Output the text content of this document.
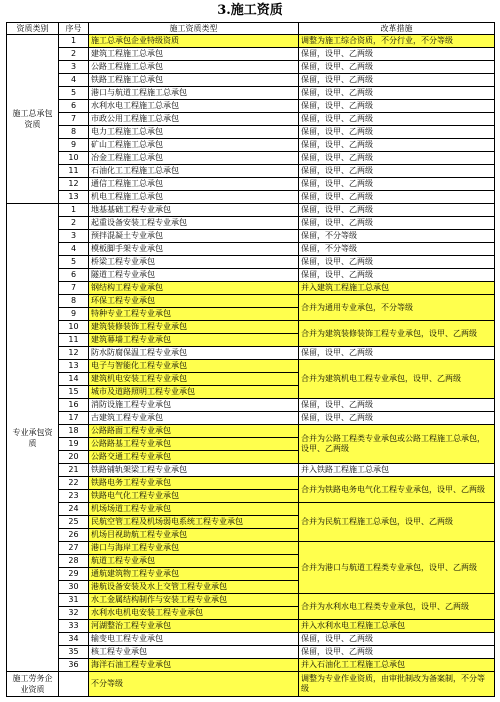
3.施工资质
资质类别	序号	施工资质类型	改革措施
施工总承包资质	1	施工总承包企业特级资质	调整为施工综合资质，不分行业，不分等级
	2	建筑工程施工总承包	保留，设甲、乙两级
	3	公路工程施工总承包	保留，设甲、乙两级
	4	铁路工程施工总承包	保留，设甲、乙两级
	5	港口与航道工程施工总承包	保留，设甲、乙两级
	6	水利水电工程施工总承包	保留，设甲、乙两级
	7	市政公用工程施工总承包	保留，设甲、乙两级
	8	电力工程施工总承包	保留，设甲、乙两级
	9	矿山工程施工总承包	保留，设甲、乙两级
	10	冶金工程施工总承包	保留，设甲、乙两级
	11	石油化工工程施工总承包	保留，设甲、乙两级
	12	通信工程施工总承包	保留，设甲、乙两级
	13	机电工程施工总承包	保留，设甲、乙两级
专业承包资质	1	地基基础工程专业承包	保留，设甲、乙两级
	2	起重设备安装工程专业承包	保留，设甲、乙两级
	3	预拌混凝土专业承包	保留，不分等级
	4	模板脚手架专业承包	保留，不分等级
	5	桥梁工程专业承包	保留，设甲、乙两级
	6	隧道工程专业承包	保留，设甲、乙两级
	7	钢结构工程专业承包	并入建筑工程施工总承包
	8	环保工程专业承包	合并为通用专业承包，不分等级
	9	特种专业工程专业承包	
	10	建筑装修装饰工程专业承包	合并为建筑装修装饰工程专业承包，设甲、乙两级
	11	建筑幕墙工程专业承包	
	12	防水防腐保温工程专业承包	保留，设甲、乙两级
	13	电子与智能化工程专业承包	合并为建筑机电工程专业承包，设甲、乙两级
	14	建筑机电安装工程专业承包	
	15	城市及道路照明工程专业承包	
	16	消防设施工程专业承包	保留，设甲、乙两级
	17	古建筑工程专业承包	保留，设甲、乙两级
	18	公路路面工程专业承包	合并为公路工程类专业承包或公路工程施工总承包，设甲、乙两级
	19	公路路基工程专业承包	
	20	公路交通工程专业承包	
	21	铁路铺轨架梁工程专业承包	并入铁路工程施工总承包
	22	铁路电务工程专业承包	合并为铁路电务电气化工程专业承包，设甲、乙两级
	23	铁路电气化工程专业承包	
	24	机场场道工程专业承包	合并为民航工程施工总承包，设甲、乙两级
	25	民航空管工程及机场弱电系统工程专业承包	
	26	机场目视助航工程专业承包	
	27	港口与海岸工程专业承包	合并为港口与航道工程类专业承包，设甲、乙两级
	28	航道工程专业承包	
	29	通航建筑物工程专业承包	
	30	港航设备安装及水上交管工程专业承包	
	31	水工金属结构制作与安装工程专业承包	合并为水利水电工程类专业承包，设甲、乙两级
	32	水利水电机电安装工程专业承包	
	33	河湖整治工程专业承包	并入水利水电工程施工总承包
	34	输变电工程专业承包	保留，设甲、乙两级
	35	核工程专业承包	保留，设甲、乙两级
	36	海洋石油工程专业承包	并入石油化工工程施工总承包
施工劳务企业资质		不分等级	调整为专业作业资质，由审批制改为备案制，不分等级
